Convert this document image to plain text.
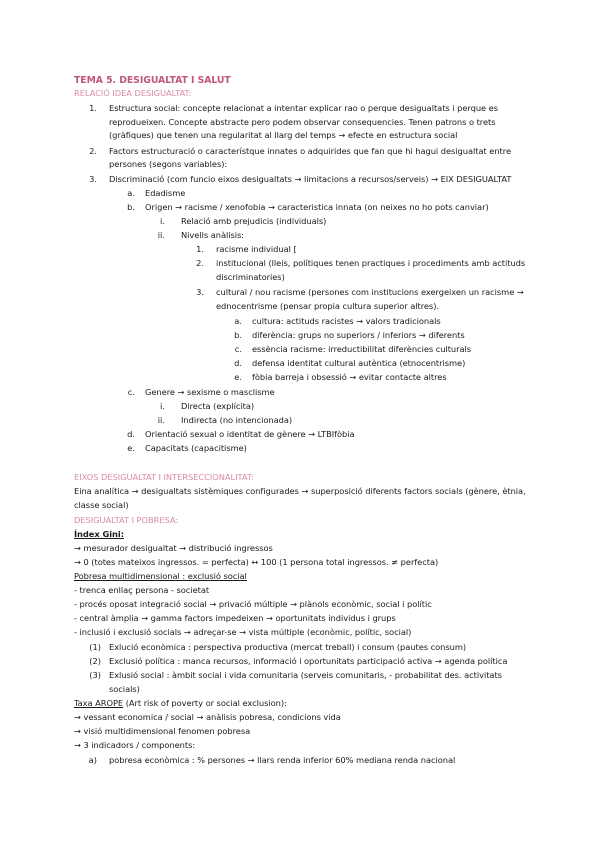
TEMA 5. DESIGUALTAT I SALUT
RELACIÓ IDEA DESIGUALTAT:
1. Estructura social: concepte relacionat a intentar explicar rao o perque desigualtats i perque es
reprodueixen. Concepte abstracte pero podem observar consequencies. Tenen patrons o trets
(gràfiques) que tenen una regularitat al llarg del temps → efecte en estructura social
2. Factors estructuració o característque innates o adquirides que fan que hi hagui desigualtat entre
persones (segons variables):
3. Discriminació (com funcio eixos desigualtats → limitacions a recursos/serveis) → EIX DESIGUALTAT
a. Edadisme
b. Origen → racisme / xenofobia → caracteristica innata (on neixes no ho pots canviar)
i. Relació amb prejudicis (individuals)
ii. Nivells anàlisis:
1. racisme individual [
2. institucional (lleis, polítiques tenen practiques i procediments amb actituds
discriminatories)
3. cultural / nou racisme (persones com institucions exergeixen un racisme →
ednocentrisme (pensar propia cultura superior altres).
a. cultura: actituds racistes → valors tradicionals
b. diferència: grups no superiors / inferiors → diferents
c. essència racisme: irreductibilitat diferències culturals
d. defensa identitat cultural autèntica (etnocentrisme)
e. fòbia barreja i obsessió → evitar contacte altres
c. Genere → sexisme o masclisme
i. Directa (explícita)
ii. Indirecta (no intencionada)
d. Orientació sexual o identitat de gènere → LTBIfòbia
e. Capacitats (capacitisme)
EIXOS DESIGUALTAT I INTERSECCIONALITAT:
Eina analítica → desigualtats sistèmiques configurades → superposició diferents factors socials (gènere, ètnia,
classe social)
DESIGUALTAT I POBRESA:
Índex Gini:
→ mesurador desigualtat → distribució ingressos
→ 0 (totes mateixos ingressos. = perfecta) ↔ 100 (1 persona total ingressos. ≠ perfecta)
Pobresa multidimensional : exclusió social
- trenca enllaç persona - societat
- procés oposat integració social → privació múltiple → plànols econòmic, social i polític
- central àmplia → gamma factors impedeixen → oportunitats individus i grups
- inclusió i exclusió socials → adreçar-se → vista múltiple (econòmic, polític, social)
(1) Exlució econòmica : perspectiva productiva (mercat treball) i consum (pautes consum)
(2) Exclusió política : manca recursos, informació i oportunitats participació activa → agenda política
(3) Exlusió social : àmbit social i vida comunitaria (serveis comunitaris, - probabilitat des. activitats
socials)
Taxa AROPE (Art risk of poverty or social exclusion):
→ vessant economica / social → anàlisis pobresa, condicions vida
→ visió multidimensional fenomen pobresa
→ 3 indicadors / components:
a) pobresa econòmica : % persones → llars renda inferior 60% mediana renda nacional
